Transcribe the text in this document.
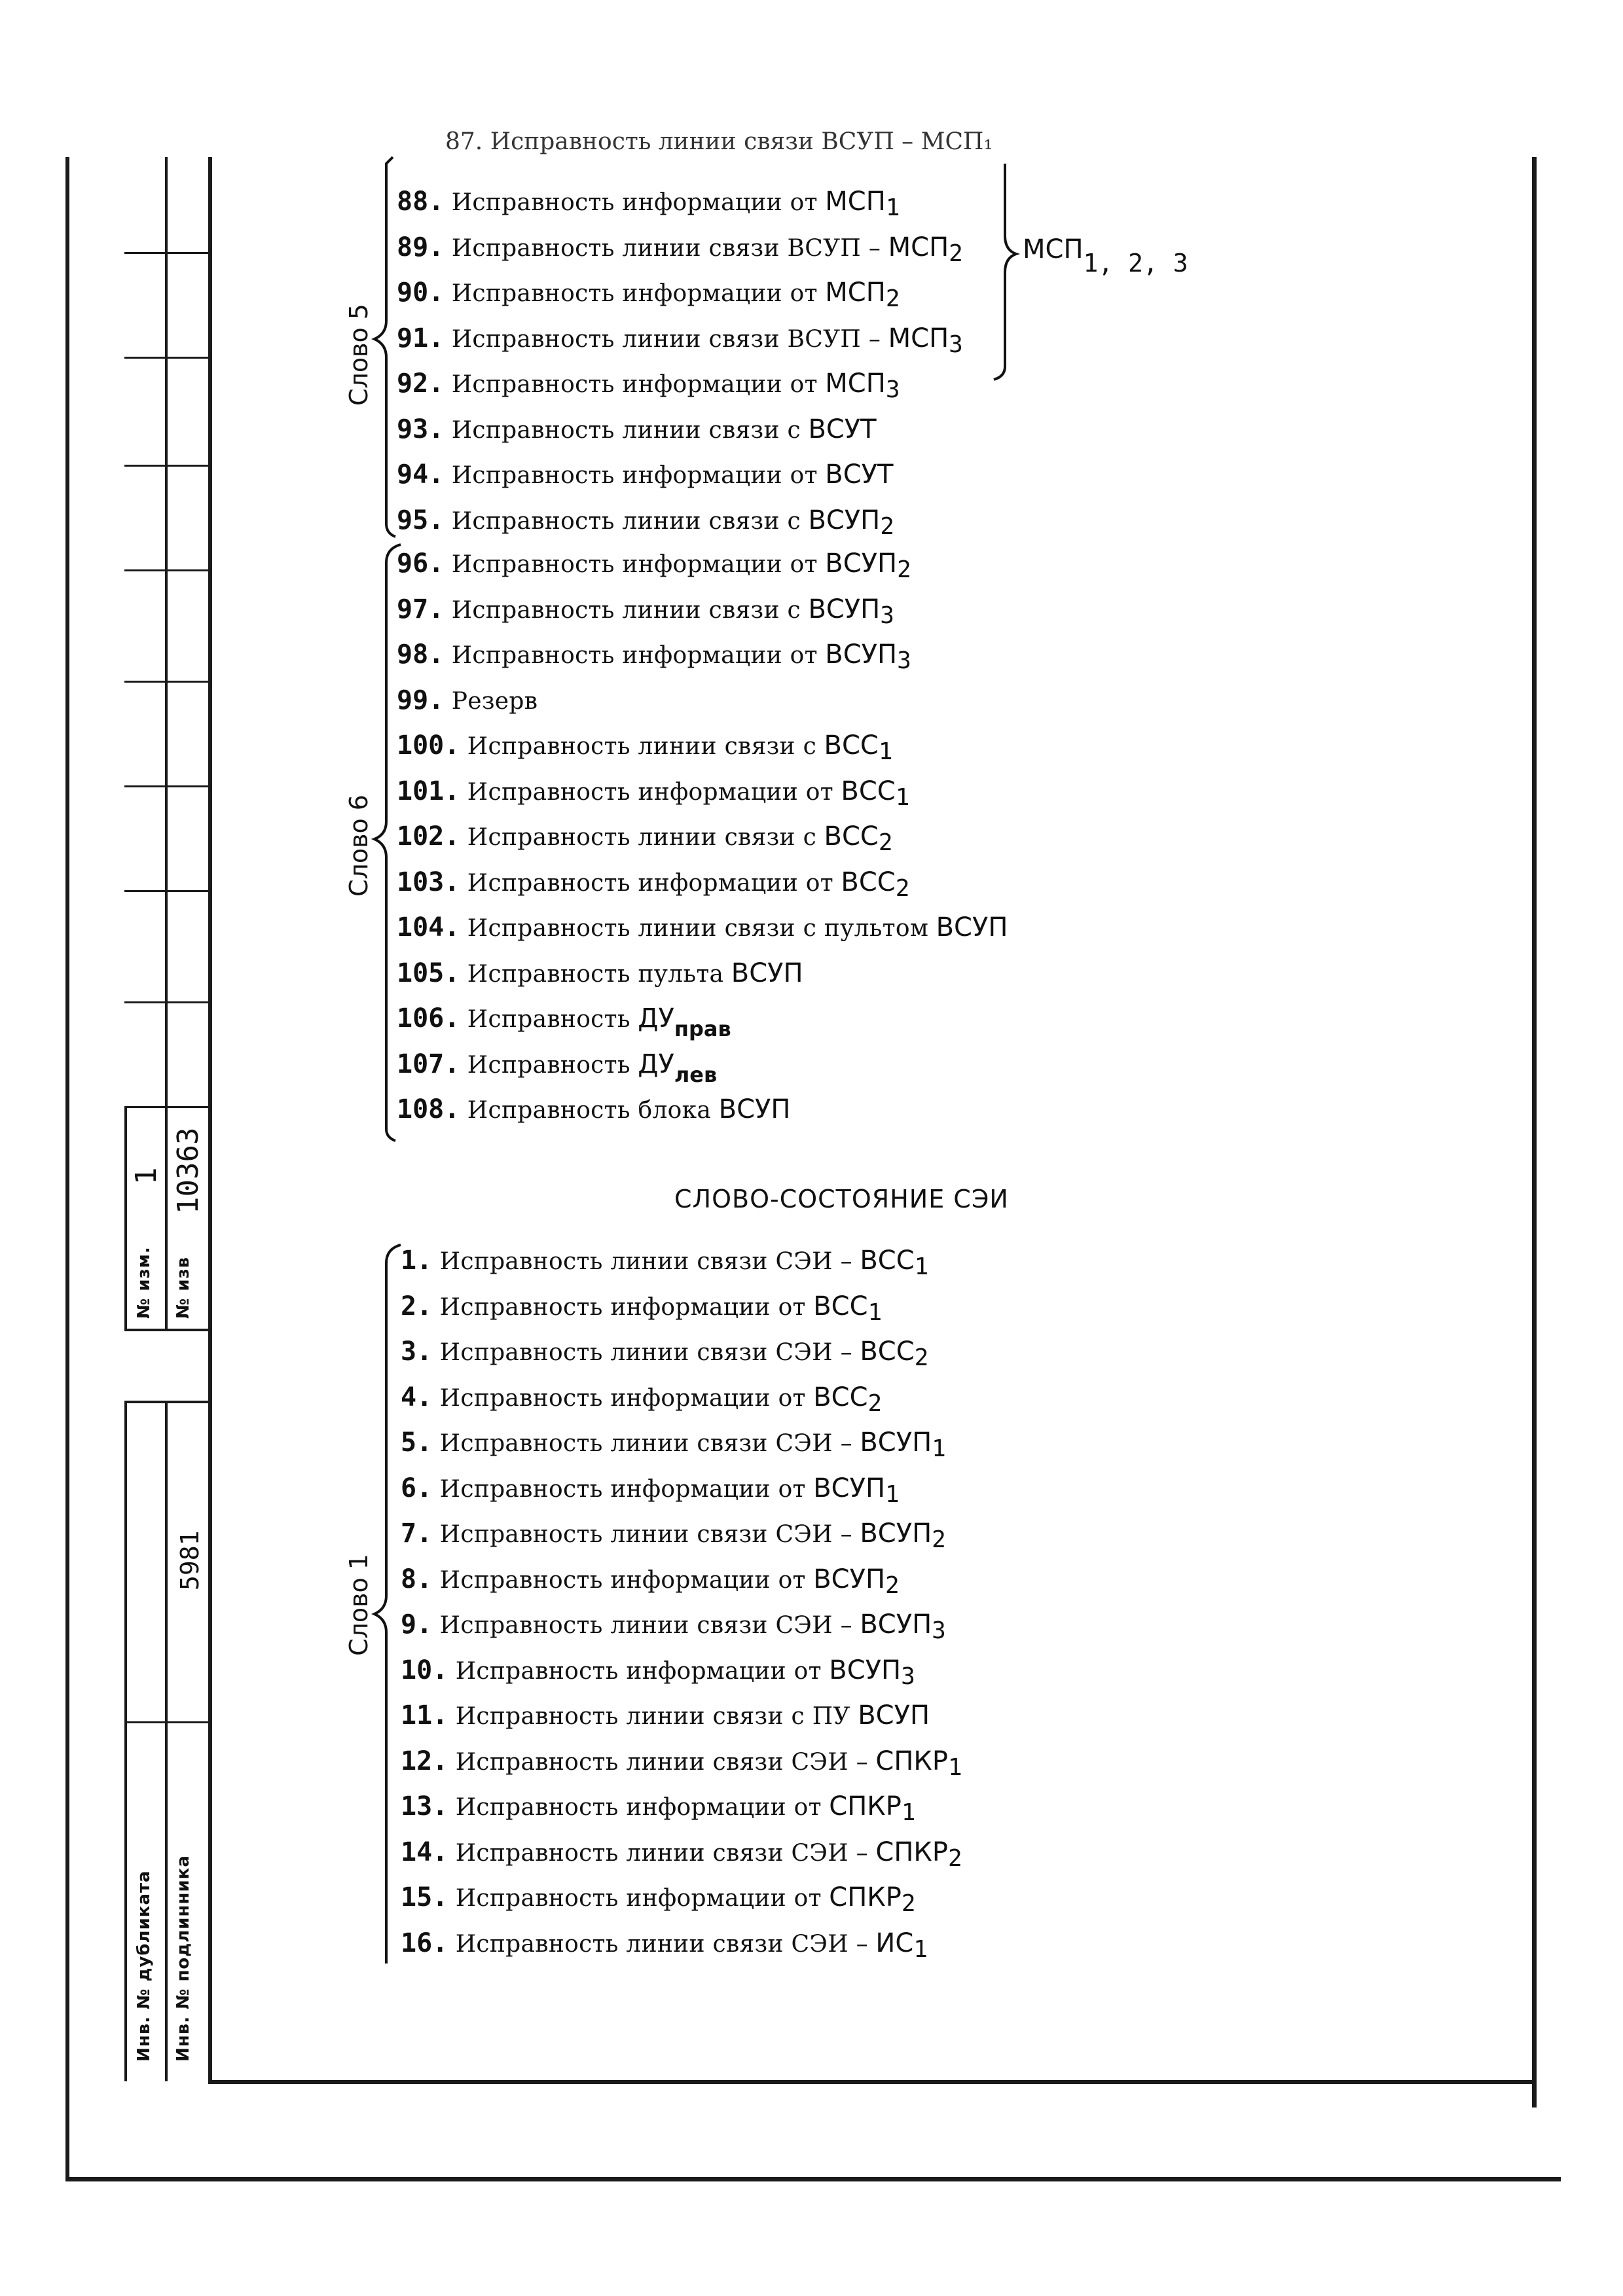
№ изм. № изв
1 10363
Инв. № дубликата Инв. № подлинника
5981
Слово 5
Слово 6
Слово 1
87. Исправность линии связи ВСУП – МСП₁
$МСП_{1, 2, 3}$
88. Исправность информации от $МСП_1$
89. Исправность линии связи ВСУП – $МСП_2$
90. Исправность информации от $МСП_2$
91. Исправность линии связи ВСУП – $МСП_3$
92. Исправность информации от $МСП_3$
93. Исправность линии связи с ВСУТ
94. Исправность информации от ВСУТ
95. Исправность линии связи с $ВСУП_2$
96. Исправность информации от $ВСУП_2$
97. Исправность линии связи с $ВСУП_3$
98. Исправность информации от $ВСУП_3$
99. Резерв
100. Исправность линии связи с $ВСС_1$
101. Исправность информации от $ВСС_1$
102. Исправность линии связи с $ВСС_2$
103. Исправность информации от $ВСС_2$
104. Исправность линии связи с пультом ВСУП
105. Исправность пульта ВСУП
106. Исправность $ДУ_{прав}$
107. Исправность $ДУ_{лев}$
108. Исправность блока ВСУП
СЛОВО-СОСТОЯНИЕ СЭИ
1. Исправность линии связи СЭИ – $ВСС_1$
2. Исправность информации от $ВСС_1$
3. Исправность линии связи СЭИ – $ВСС_2$
4. Исправность информации от $ВСС_2$
5. Исправность линии связи СЭИ – $ВСУП_1$
6. Исправность информации от $ВСУП_1$
7. Исправность линии связи СЭИ – $ВСУП_2$
8. Исправность информации от $ВСУП_2$
9. Исправность линии связи СЭИ – $ВСУП_3$
10. Исправность информации от $ВСУП_3$
11. Исправность линии связи с ПУ ВСУП
12. Исправность линии связи СЭИ – $СПКР_1$
13. Исправность информации от $СПКР_1$
14. Исправность линии связи СЭИ – $СПКР_2$
15. Исправность информации от $СПКР_2$
16. Исправность линии связи СЭИ – $ИС_1$
